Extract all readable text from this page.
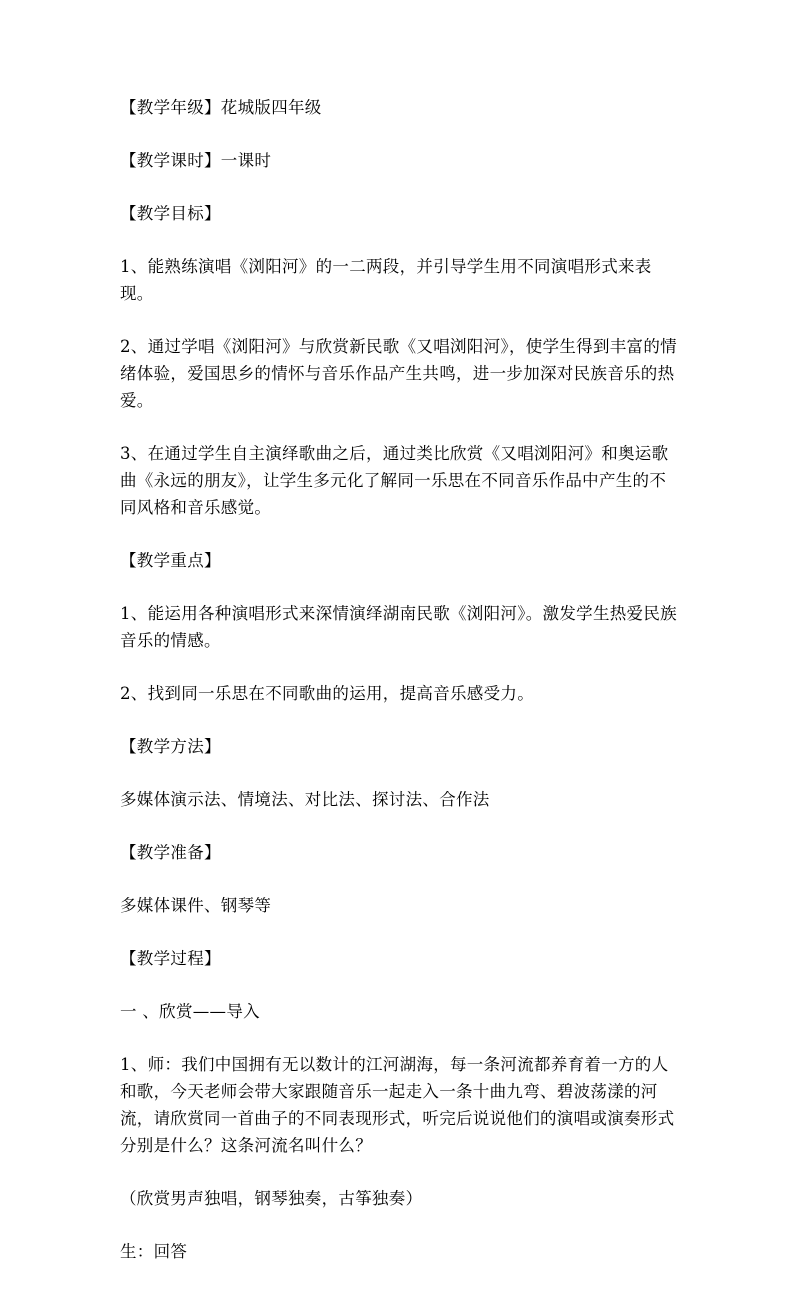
【教学年级】花城版四年级

【教学课时】一课时

【教学目标】

1、能熟练演唱《浏阳河》的一二两段，并引导学生用不同演唱形式来表现。

2、通过学唱《浏阳河》与欣赏新民歌《又唱浏阳河》，使学生得到丰富的情绪体验，爱国思乡的情怀与音乐作品产生共鸣，进一步加深对民族音乐的热爱。

3、在通过学生自主演绎歌曲之后，通过类比欣赏《又唱浏阳河》和奥运歌曲《永远的朋友》，让学生多元化了解同一乐思在不同音乐作品中产生的不同风格和音乐感觉。

【教学重点】

1、能运用各种演唱形式来深情演绎湖南民歌《浏阳河》。激发学生热爱民族音乐的情感。

2、找到同一乐思在不同歌曲的运用，提高音乐感受力。

【教学方法】

多媒体演示法、情境法、对比法、探讨法、合作法

【教学准备】

多媒体课件、钢琴等

【教学过程】

一 、欣赏——导入

1、师：我们中国拥有无以数计的江河湖海，每一条河流都养育着一方的人和歌，今天老师会带大家跟随音乐一起走入一条十曲九弯、碧波荡漾的河流，请欣赏同一首曲子的不同表现形式，听完后说说他们的演唱或演奏形式分别是什么？这条河流名叫什么？

（欣赏男声独唱，钢琴独奏，古筝独奏）

生：回答
